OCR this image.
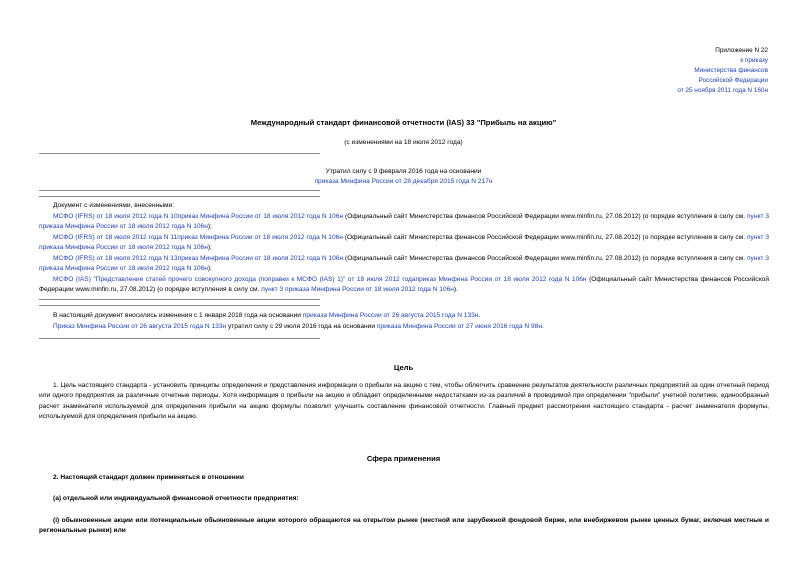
Приложение N 22
к приказу
Министерства финансов
Российской Федерации
от 25 ноября 2011 года N 160н
Международный стандарт финансовой отчетности (IAS) 33 "Прибыль на акцию"
(с изменениями на 18 июля 2012 года)
Утратил силу с 9 февраля 2016 года на основании
приказа Минфина России от 28 декабря 2015 года N 217н
Документ с изменениями, внесенными:
МСФО (IFRS) от 18 июля 2012 года N 10приказ Минфина России от 18 июля 2012 года N 106н (Официальный сайт Министерства финансов Российской Федерации www.minfin.ru, 27.08.2012) (о порядке вступления в силу см. пункт 3 приказа Минфина России от 18 июля 2012 года N 106н);
МСФО (IFRS) от 18 июля 2012 года N 11приказ Минфина России от 18 июля 2012 года N 106н (Официальный сайт Министерства финансов Российской Федерации www.minfin.ru, 27.08.2012) (о порядке вступления в силу см. пункт 3 приказа Минфина России от 18 июля 2012 года N 106н);
МСФО (IFRS) от 18 июля 2012 года N 13приказ Минфина России от 18 июля 2012 года N 106н (Официальный сайт Министерства финансов Российской Федерации www.minfin.ru, 27.08.2012) (о порядке вступления в силу см. пункт 3 приказа Минфина России от 18 июля 2012 года N 106н);
МСФО (IAS) "Представление статей прочего совокупного дохода (поправки к МСФО (IAS) 1)" от 18 июля 2012 годаприказ Минфина России от 18 июля 2012 года N 106н (Официальный сайт Министерства финансов Российской Федерации www.minfin.ru, 27.08.2012) (о порядке вступления в силу см. пункт 3 приказа Минфина России от 18 июля 2012 года N 106н).
В настоящий документ вносились изменения с 1 января 2018 года на основании приказа Минфина России от 26 августа 2015 года N 133н.
Приказ Минфина России от 26 августа 2015 года N 133н утратил силу с 29 июля 2016 года на основании приказа Минфина России от 27 июня 2016 года N 98н.
Цель
1. Цель настоящего стандарта - установить принципы определения и представления информации о прибыли на акцию с тем, чтобы облегчить сравнение результатов деятельности различных предприятий за один отчетный период или одного предприятия за различные отчетные периоды. Хотя информация о прибыли на акцию и обладает определенными недостатками из-за различий в проводимой при определении "прибыли" учетной политике, единообразный расчет знаменателя используемой для определения прибыли на акцию формулы позволит улучшить составление финансовой отчетности. Главный предмет рассмотрения настоящего стандарта - расчет знаменателя формулы, используемой для определения прибыли на акцию.
Сфера применения
2. Настоящий стандарт должен применяться в отношении
(a) отдельной или индивидуальной финансовой отчетности предприятия:
(i) обыкновенные акции или потенциальные обыкновенные акции которого обращаются на открытом рынке (местной или зарубежной фондовой бирже, или внебиржевом рынке ценных бумаг, включая местные и региональные рынки) или
